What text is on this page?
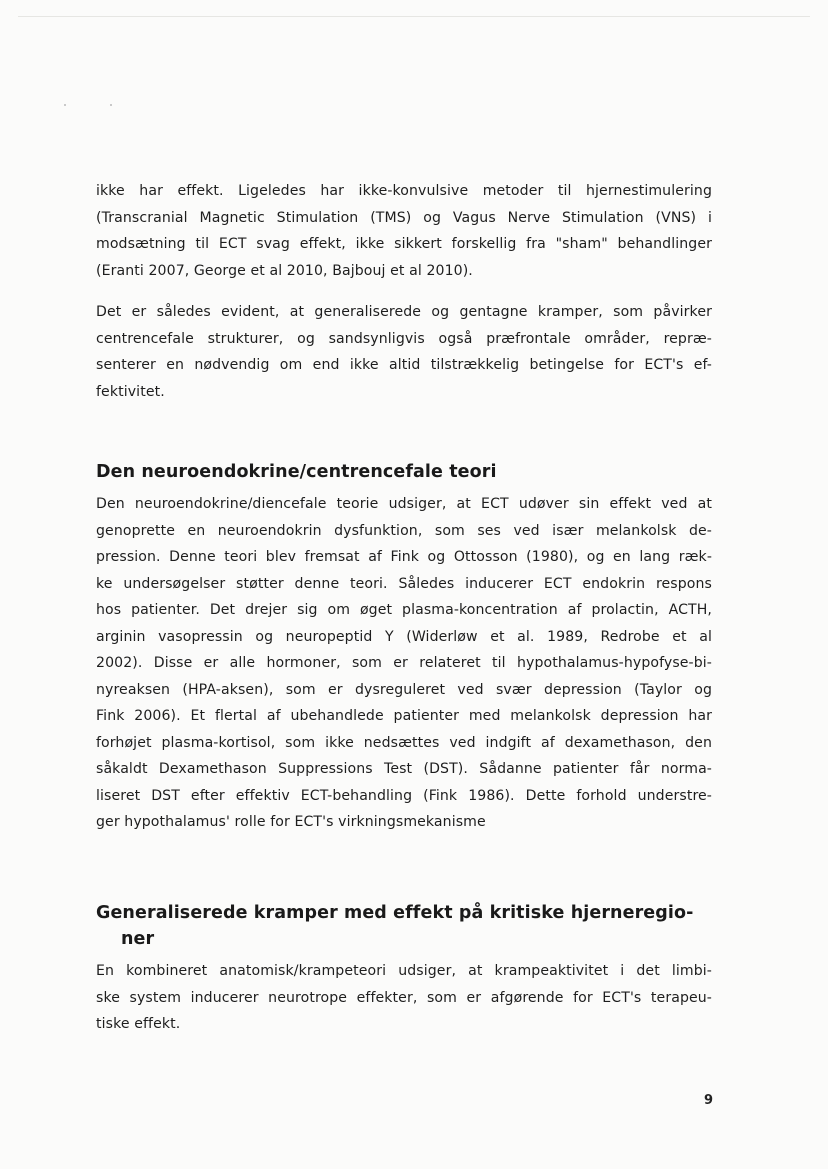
ikke har effekt. Ligeledes har ikke-konvulsive metoder til hjernestimulering
(Transcranial Magnetic Stimulation (TMS) og Vagus Nerve Stimulation (VNS) i
modsætning til ECT svag effekt, ikke sikkert forskellig fra "sham" behandlinger
(Eranti 2007, George et al 2010, Bajbouj et al 2010).

Det er således evident, at generaliserede og gentagne kramper, som påvirker
centrencefale strukturer, og sandsynligvis også præfrontale områder, repræ-
senterer en nødvendig om end ikke altid tilstrækkelig betingelse for ECT's ef-
fektivitet.

Den neuroendokrine/centrencefale teori

Den neuroendokrine/diencefale teorie udsiger, at ECT udøver sin effekt ved at
genoprette en neuroendokrin dysfunktion, som ses ved især melankolsk de-
pression. Denne teori blev fremsat af Fink og Ottosson (1980), og en lang ræk-
ke undersøgelser støtter denne teori. Således inducerer ECT endokrin respons
hos patienter. Det drejer sig om øget plasma-koncentration af prolactin, ACTH,
arginin vasopressin og neuropeptid Y (Widerløw et al. 1989, Redrobe et al
2002). Disse er alle hormoner, som er relateret til hypothalamus-hypofyse-bi-
nyreaksen (HPA-aksen), som er dysreguleret ved svær depression (Taylor og
Fink 2006). Et flertal af ubehandlede patienter med melankolsk depression har
forhøjet plasma-kortisol, som ikke nedsættes ved indgift af dexamethason, den
såkaldt Dexamethason Suppressions Test (DST). Sådanne patienter får norma-
liseret DST efter effektiv ECT-behandling (Fink 1986). Dette forhold understre-
ger hypothalamus' rolle for ECT's virkningsmekanisme

Generaliserede kramper med effekt på kritiske hjerneregio-
ner

En kombineret anatomisk/krampeteori udsiger, at krampeaktivitet i det limbi-
ske system inducerer neurotrope effekter, som er afgørende for ECT's terapeu-
tiske effekt.

9
